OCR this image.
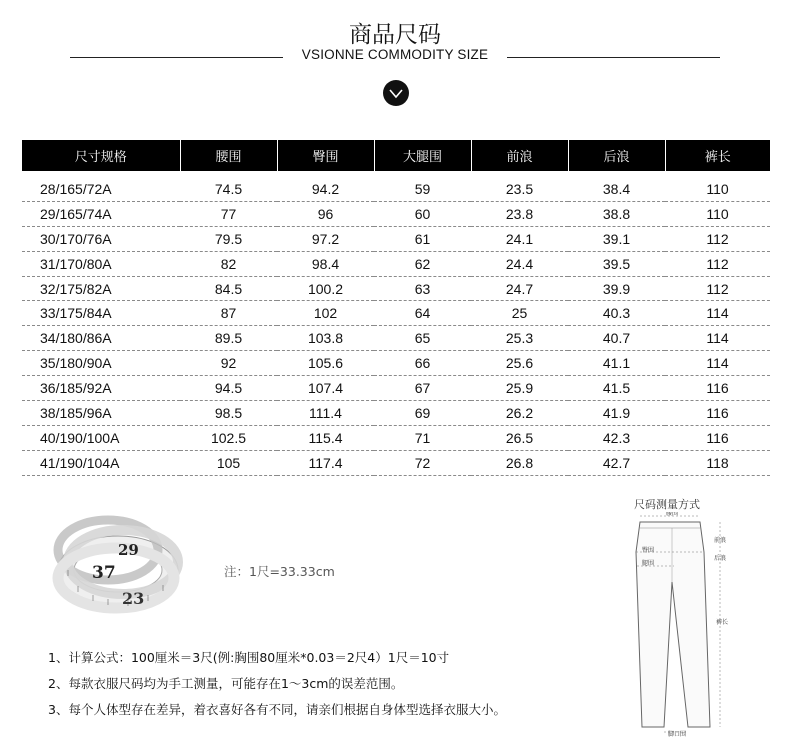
商品尺码
VSIONNE COMMODITY SIZE
尺寸规格	腰围	臀围	大腿围	前浪	后浪	裤长
28/165/72A	74.5	94.2	59	23.5	38.4	110
29/165/74A	77	96	60	23.8	38.8	110
30/170/76A	79.5	97.2	61	24.1	39.1	112
31/170/80A	82	98.4	62	24.4	39.5	112
32/175/82A	84.5	100.2	63	24.7	39.9	112
33/175/84A	87	102	64	25	40.3	114
34/180/86A	89.5	103.8	65	25.3	40.7	114
35/180/90A	92	105.6	66	25.6	41.1	114
36/185/92A	94.5	107.4	67	25.9	41.5	116
38/185/96A	98.5	111.4	69	26.2	41.9	116
40/190/100A	102.5	115.4	71	26.5	42.3	116
41/190/104A	105	117.4	72	26.8	42.7	118
29
37
23
注：1尺=33.33cm
1、计算公式：100厘米＝3尺(例:胸围80厘米*0.03＝2尺4）1尺＝10寸
2、每款衣服尺码均为手工测量，可能存在1～3cm的误差范围。
3、每个人体型存在差异，着衣喜好各有不同，请亲们根据自身体型选择衣服大小。
尺码测量方式
腰围
臀围
腿围
前浪
后浪
裤长
脚口围
